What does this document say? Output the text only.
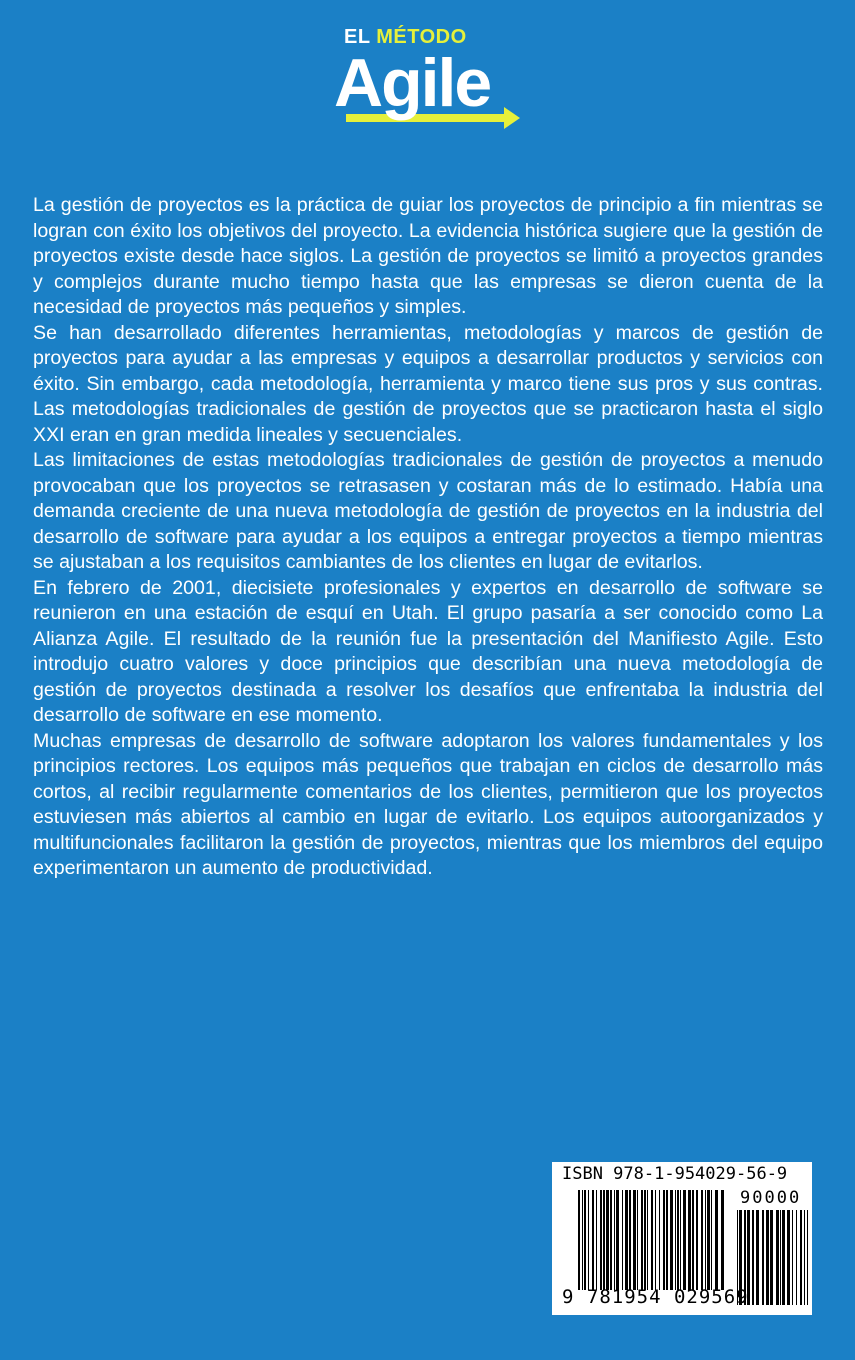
EL MÉTODO
Agile

La gestión de proyectos es la práctica de guiar los proyectos de principio a fin mientras se logran con éxito los objetivos del proyecto. La evidencia histórica sugiere que la gestión de proyectos existe desde hace siglos. La gestión de proyectos se limitó a proyectos grandes y complejos durante mucho tiempo hasta que las empresas se dieron cuenta de la necesidad de proyectos más pequeños y simples.

Se han desarrollado diferentes herramientas, metodologías y marcos de gestión de proyectos para ayudar a las empresas y equipos a desarrollar productos y servicios con éxito. Sin embargo, cada metodología, herramienta y marco tiene sus pros y sus contras. Las metodologías tradicionales de gestión de proyectos que se practicaron hasta el siglo XXI eran en gran medida lineales y secuenciales.

Las limitaciones de estas metodologías tradicionales de gestión de proyectos a menudo provocaban que los proyectos se retrasasen y costaran más de lo estimado. Había una demanda creciente de una nueva metodología de gestión de proyectos en la industria del desarrollo de software para ayudar a los equipos a entregar proyectos a tiempo mientras se ajustaban a los requisitos cambiantes de los clientes en lugar de evitarlos.

En febrero de 2001, diecisiete profesionales y expertos en desarrollo de software se reunieron en una estación de esquí en Utah. El grupo pasaría a ser conocido como La Alianza Agile. El resultado de la reunión fue la presentación del Manifiesto Agile. Esto introdujo cuatro valores y doce principios que describían una nueva metodología de gestión de proyectos destinada a resolver los desafíos que enfrentaba la industria del desarrollo de software en ese momento.

Muchas empresas de desarrollo de software adoptaron los valores fundamentales y los principios rectores. Los equipos más pequeños que trabajan en ciclos de desarrollo más cortos, al recibir regularmente comentarios de los clientes, permitieron que los proyectos estuviesen más abiertos al cambio en lugar de evitarlo. Los equipos autoorganizados y multifuncionales facilitaron la gestión de proyectos, mientras que los miembros del equipo experimentaron un aumento de productividad.

ISBN 978-1-954029-56-9
90000
9 781954 029569
